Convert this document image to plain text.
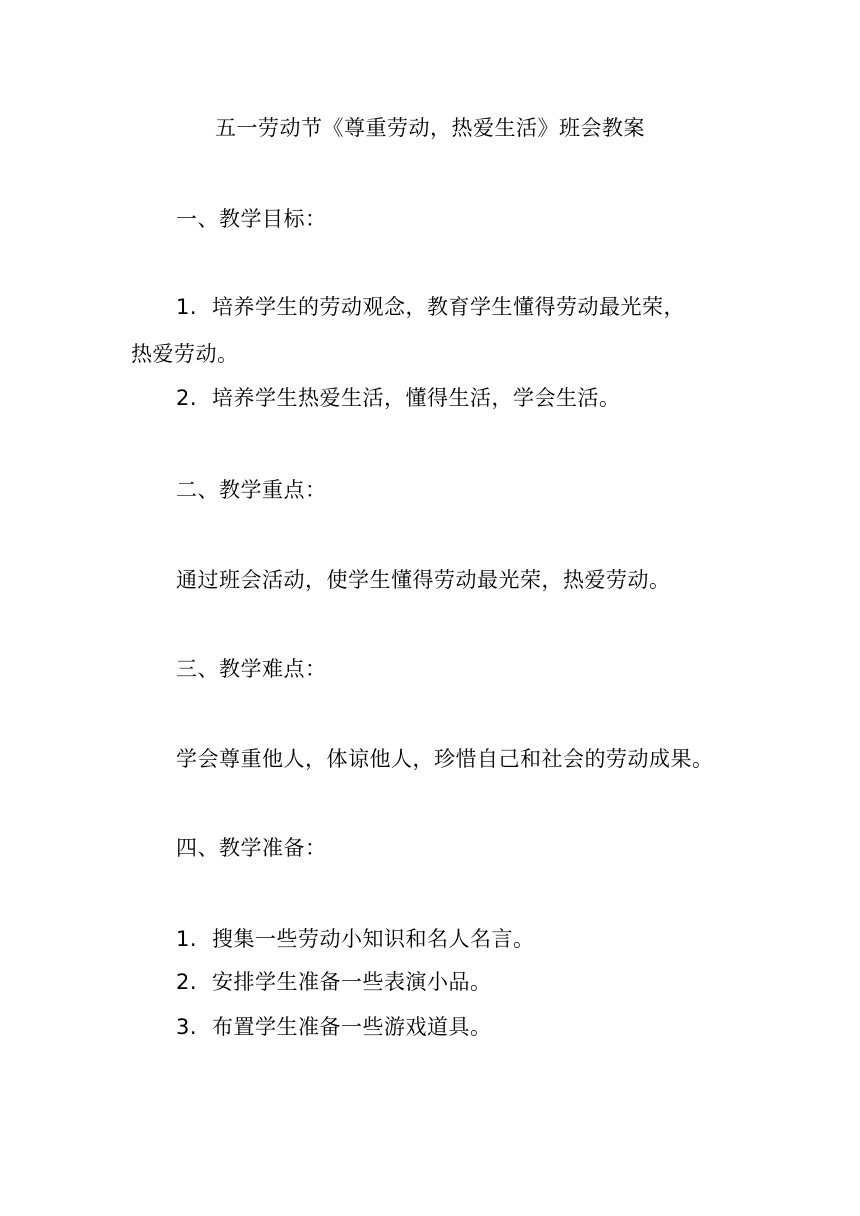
五一劳动节《尊重劳动，热爱生活》班会教案
一、教学目标：
1. 培养学生的劳动观念，教育学生懂得劳动最光荣，
热爱劳动。
2. 培养学生热爱生活，懂得生活，学会生活。
二、教学重点：
通过班会活动，使学生懂得劳动最光荣，热爱劳动。
三、教学难点：
学会尊重他人，体谅他人，珍惜自己和社会的劳动成果。
四、教学准备：
1. 搜集一些劳动小知识和名人名言。
2. 安排学生准备一些表演小品。
3. 布置学生准备一些游戏道具。
